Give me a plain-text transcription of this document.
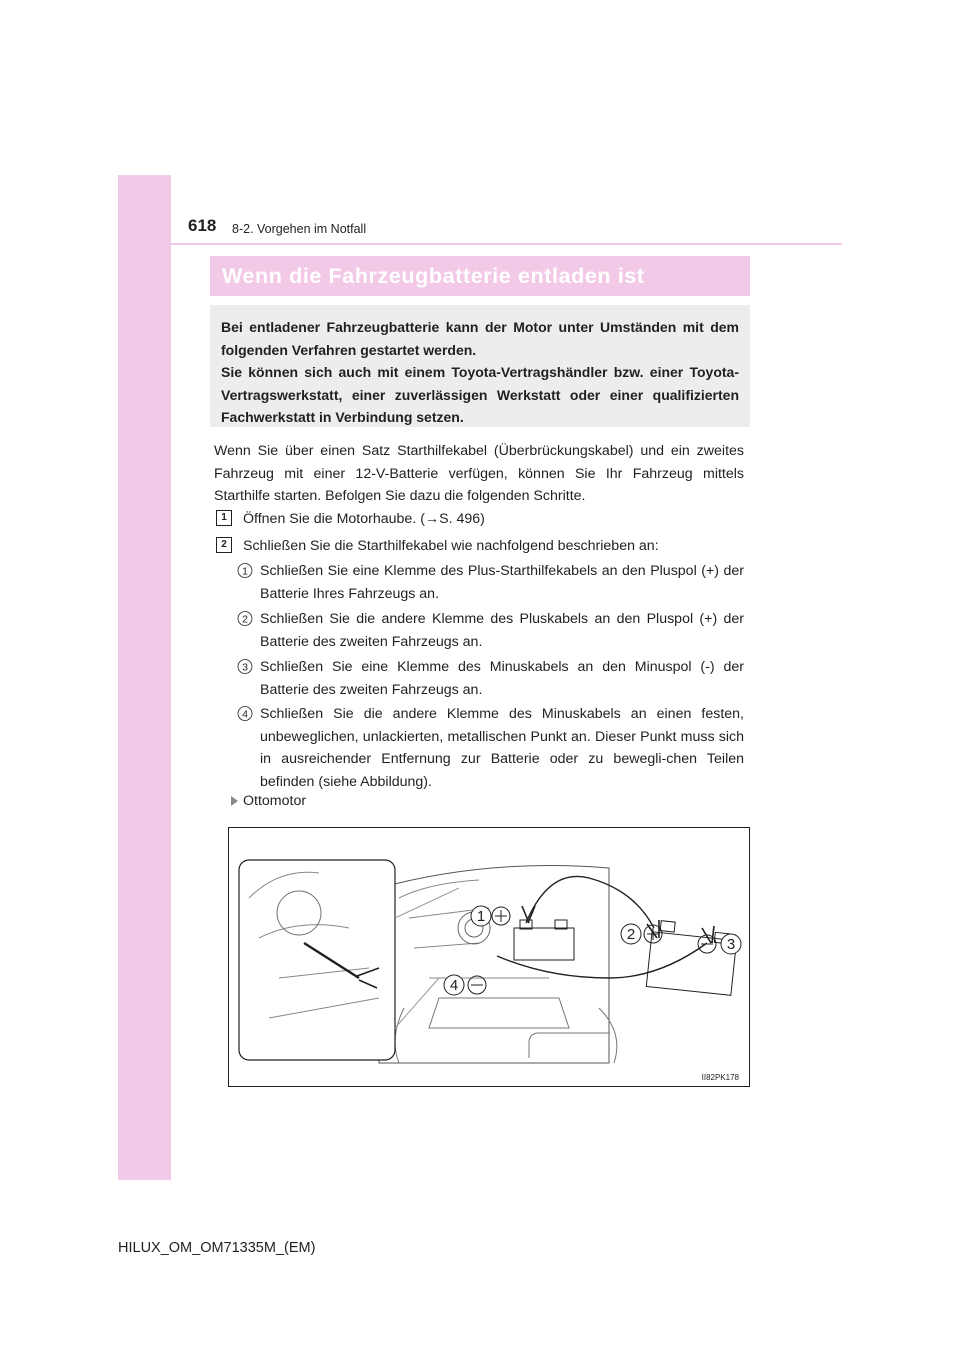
618 8-2. Vorgehen im Notfall
Wenn die Fahrzeugbatterie entladen ist

Bei entladener Fahrzeugbatterie kann der Motor unter Umständen mit dem folgenden Verfahren gestartet werden.

Sie können sich auch mit einem Toyota-Vertragshändler bzw. einer Toyota-Vertragswerkstatt, einer zuverlässigen Werkstatt oder einer qualifizierten Fachwerkstatt in Verbindung setzen.

Wenn Sie über einen Satz Starthilfekabel (Überbrückungskabel) und ein zweites Fahrzeug mit einer 12-V-Batterie verfügen, können Sie Ihr Fahrzeug mittels Starthilfe starten. Befolgen Sie dazu die folgenden Schritte.
1	Öffnen Sie die Motorhaube. (→S. 496)
2	Schließen Sie die Starthilfekabel wie nachfolgend beschrieben an:
1 Schließen Sie eine Klemme des Plus-Starthilfekabels an den Pluspol (+) der Batterie Ihres Fahrzeugs an.
2 Schließen Sie die andere Klemme des Pluskabels an den Pluspol (+) der Batterie des zweiten Fahrzeugs an.
3 Schließen Sie eine Klemme des Minuskabels an den Minuspol (-) der Batterie des zweiten Fahrzeugs an.
4 Schließen Sie die andere Klemme des Minuskabels an einen festen, unbeweglichen, unlackierten, metallischen Punkt an. Dieser Punkt muss sich in ausreichender Entfernung zur Batterie oder zu bewegli-chen Teilen befinden (siehe Abbildung).
Ottomotor
1
2
3
4
II82PK178
HILUX_OM_OM71335M_(EM)
